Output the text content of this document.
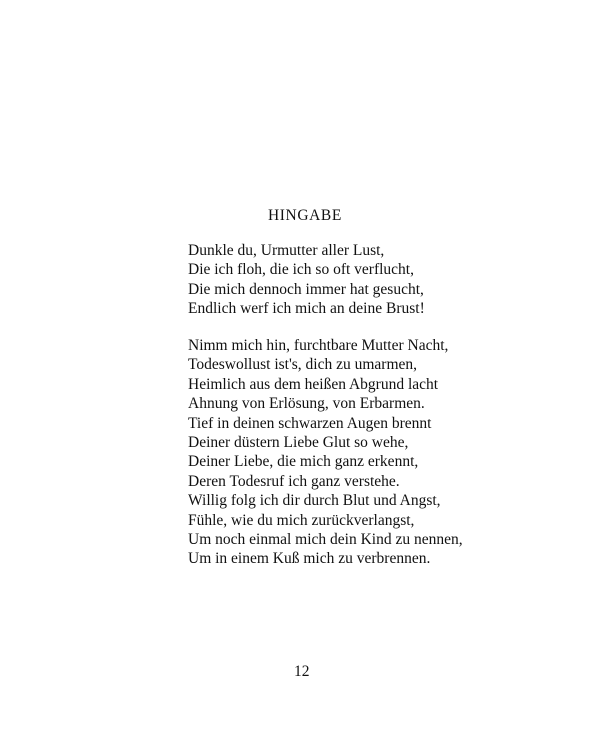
HINGABE
Dunkle du, Urmutter aller Lust,
Die ich floh, die ich so oft verflucht,
Die mich dennoch immer hat gesucht,
Endlich werf ich mich an deine Brust!
Nimm mich hin, furchtbare Mutter Nacht,
Todeswollust ist's, dich zu umarmen,
Heimlich aus dem heißen Abgrund lacht
Ahnung von Erlösung, von Erbarmen.
Tief in deinen schwarzen Augen brennt
Deiner düstern Liebe Glut so wehe,
Deiner Liebe, die mich ganz erkennt,
Deren Todesruf ich ganz verstehe.
Willig folg ich dir durch Blut und Angst,
Fühle, wie du mich zurückverlangst,
Um noch einmal mich dein Kind zu nennen,
Um in einem Kuß mich zu verbrennen.
12
